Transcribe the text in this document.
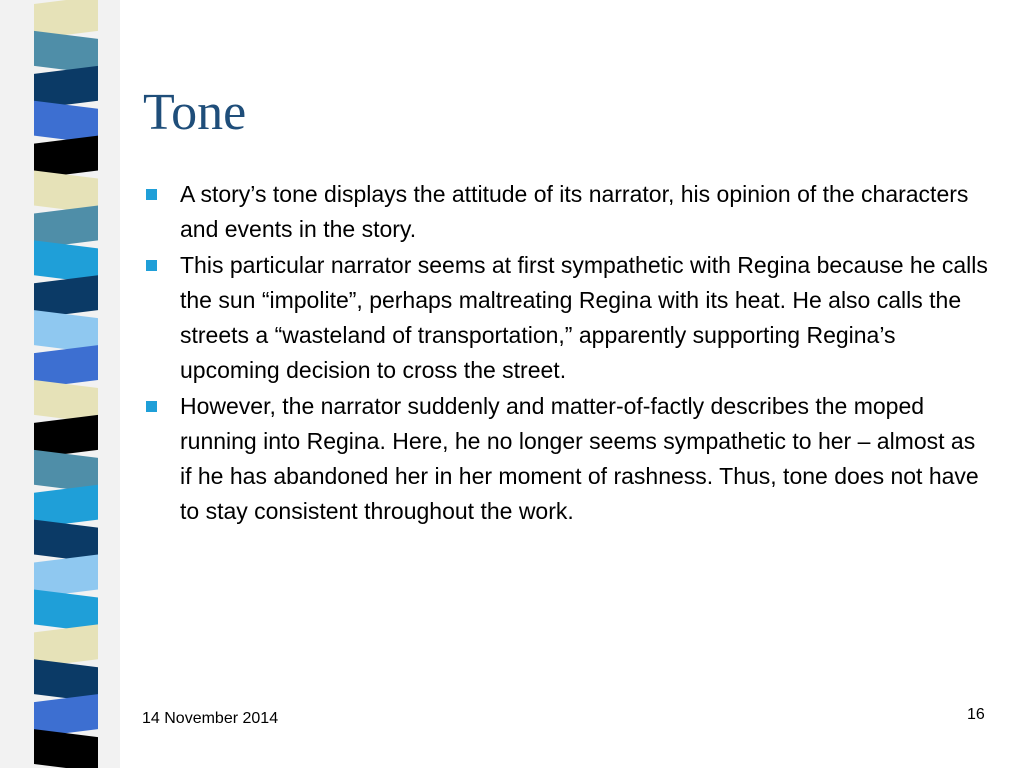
Tone
A story’s tone displays the attitude of its narrator, his opinion of the characters and events in the story.
This particular narrator seems at first sympathetic with Regina because he calls the sun “impolite”, perhaps maltreating Regina with its heat. He also calls the streets a “wasteland of transportation,” apparently supporting Regina’s upcoming decision to cross the street.
However, the narrator suddenly and matter-of-factly describes the moped running into Regina. Here, he no longer seems sympathetic to her – almost as if he has abandoned her in her moment of rashness. Thus, tone does not have to stay consistent throughout the work.
14 November 2014	16
